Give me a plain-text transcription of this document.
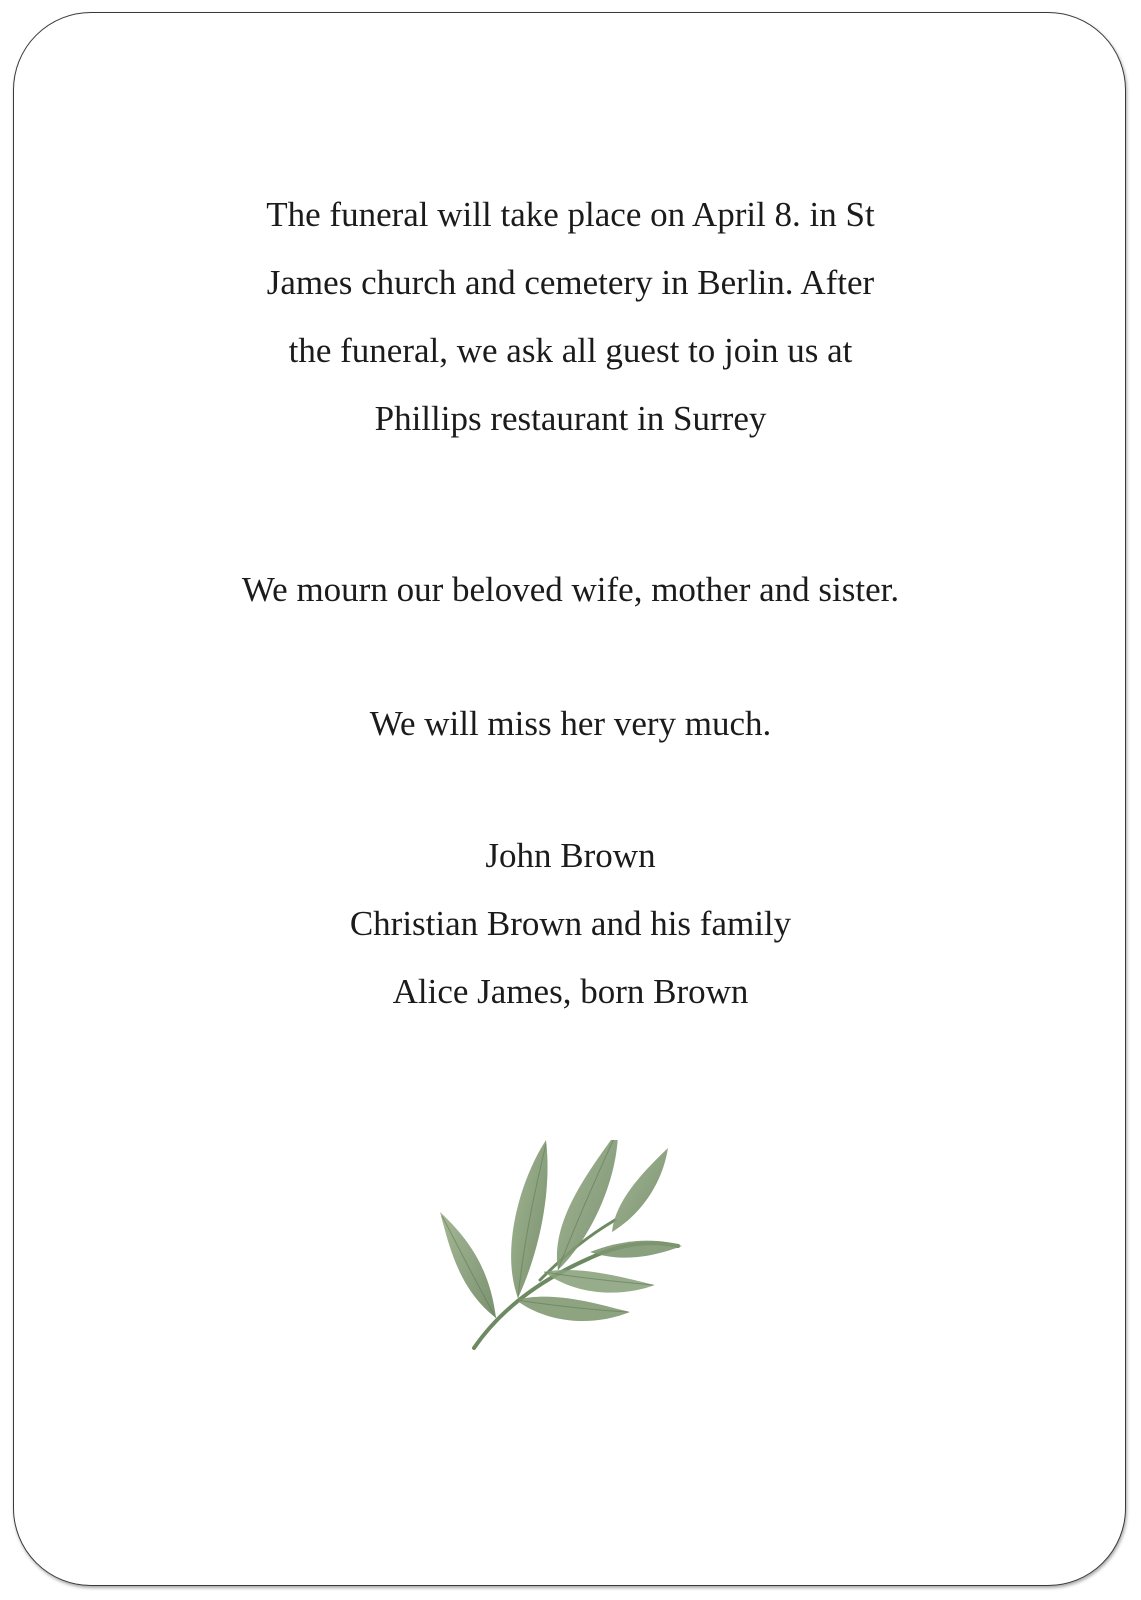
The funeral will take place on April 8. in St
James church and cemetery in Berlin. After
the funeral, we ask all guest to join us at
Phillips restaurant in Surrey
We mourn our beloved wife, mother and sister.
We will miss her very much.
John Brown
Christian Brown and his family
Alice James, born Brown
